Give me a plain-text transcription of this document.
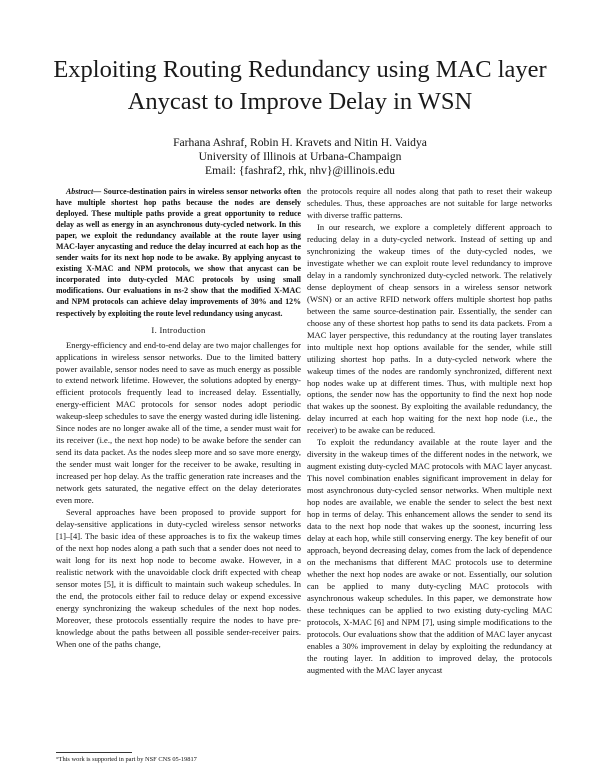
Exploiting Routing Redundancy using MAC layer
Anycast to Improve Delay in WSN
Farhana Ashraf, Robin H. Kravets and Nitin H. Vaidya
University of Illinois at Urbana-Champaign
Email: {fashraf2, rhk, nhv}@illinois.edu

Abstract— Source-destination pairs in wireless sensor networks often have multiple shortest hop paths because the nodes are densely deployed. These multiple paths provide a great opportunity to reduce delay as well as energy in an asynchronous duty-cycled network. In this paper, we exploit the redundancy available at the route layer using MAC-layer anycasting and reduce the delay incurred at each hop as the sender waits for its next hop node to be awake. By applying anycast to existing X-MAC and NPM protocols, we show that anycast can be incorporated into duty-cycled MAC protocols by using small modifications. Our evaluations in ns-2 show that the modified X-MAC and NPM protocols can achieve delay improvements of 30% and 12% respectively by exploiting the route level redundancy using anycast.

I. Introduction

Energy-efficiency and end-to-end delay are two major challenges for applications in wireless sensor networks. Due to the limited battery power available, sensor nodes need to save as much energy as possible to extend network lifetime. However, the solutions adopted by energy-efficient protocols frequently lead to increased delay. Essentially, energy-efficient MAC protocols for sensor nodes adopt periodic wakeup-sleep schedules to save the energy wasted during idle listening. Since nodes are no longer awake all of the time, a sender must wait for its receiver (i.e., the next hop node) to be awake before the sender can send its data packet. As the nodes sleep more and so save more energy, the sender must wait longer for the receiver to be awake, resulting in increased per hop delay. As the traffic generation rate increases and the network gets saturated, the negative effect on the delay deteriorates even more.

Several approaches have been proposed to provide support for delay-sensitive applications in duty-cycled wireless sensor networks [1]–[4]. The basic idea of these approaches is to fix the wakeup times of the next hop nodes along a path such that a sender does not need to wait long for its next hop node to become awake. However, in a realistic network with the unavoidable clock drift expected with cheap sensor motes [5], it is difficult to maintain such wakeup schedules. In the end, the protocols either fail to reduce delay or expend excessive energy synchronizing the wakeup schedules of the next hop nodes. Moreover, these protocols essentially require the nodes to have pre-knowledge about the paths between all possible sender-receiver pairs. When one of the paths change,

the protocols require all nodes along that path to reset their wakeup schedules. Thus, these approaches are not suitable for large networks with diverse traffic patterns.

In our research, we explore a completely different approach to reducing delay in a duty-cycled network. Instead of setting up and synchronizing the wakeup times of the duty-cycled nodes, we investigate whether we can exploit route level redundancy to improve delay in a randomly synchronized duty-cycled network. The relatively dense deployment of cheap sensors in a wireless sensor network (WSN) or an active RFID network offers multiple shortest hop paths between the same source-destination pair. Essentially, the sender can choose any of these shortest hop paths to send its data packets. From a MAC layer perspective, this redundancy at the routing layer translates into multiple next hop options available for the sender, while still utilizing shortest hop paths. In a duty-cycled network where the wakeup times of the nodes are randomly synchronized, different next hop nodes wake up at different times. Thus, with multiple next hop options, the sender now has the opportunity to find the next hop node that wakes up the soonest. By exploiting the available redundancy, the delay incurred at each hop waiting for the next hop node (i.e., the receiver) to be awake can be reduced.

To exploit the redundancy available at the route layer and the diversity in the wakeup times of the different nodes in the network, we augment existing duty-cycled MAC protocols with MAC layer anycast. This novel combination enables significant improvement in delay for most asynchronous duty-cycled sensor networks. When multiple next hop nodes are available, we enable the sender to select the best next hop in terms of delay. This enhancement allows the sender to send its data to the next hop node that wakes up the soonest, incurring less delay at each hop, while still conserving energy. The key benefit of our approach, beyond decreasing delay, comes from the lack of dependence on the mechanisms that different MAC protocols use to determine whether the next hop nodes are awake or not. Essentially, our solution can be applied to many duty-cycling MAC protocols with asynchronous wakeup schedules. In this paper, we demonstrate how these techniques can be applied to two existing duty-cycling MAC protocols, X-MAC [6] and NPM [7], using simple modifications to the protocols. Our evaluations show that the addition of MAC layer anycast enables a 30% improvement in delay by exploiting the redundancy at the routing layer. In addition to improved delay, the protocols augmented with the MAC layer anycast

°This work is supported in part by NSF CNS 05-19817
